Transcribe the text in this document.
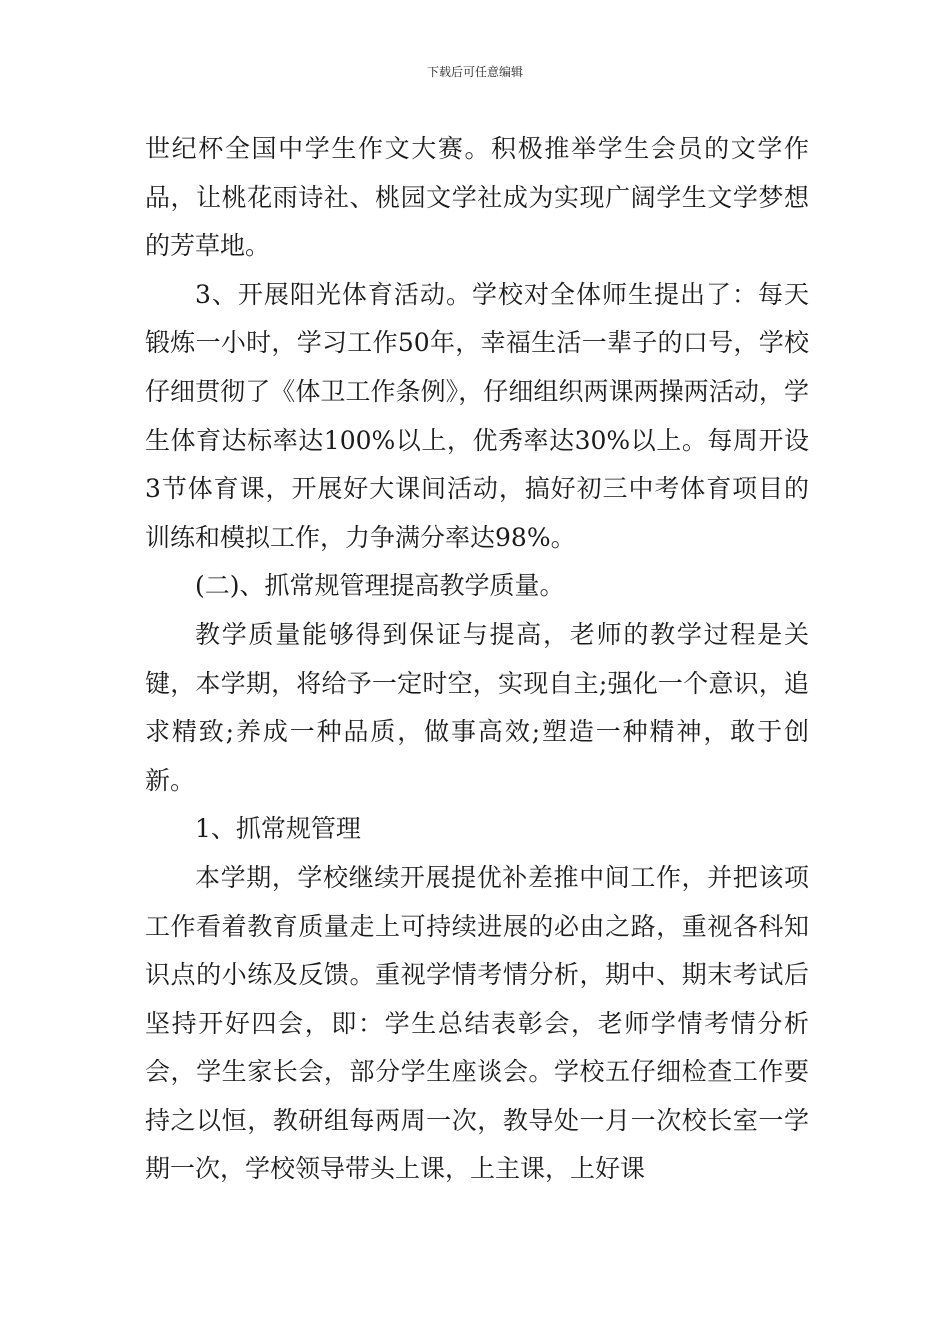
下载后可任意编辑

世纪杯全国中学生作文大赛。积极推举学生会员的文学作品，让桃花雨诗社、桃园文学社成为实现广阔学生文学梦想的芳草地。

3、开展阳光体育活动。学校对全体师生提出了：每天锻炼一小时，学习工作50年，幸福生活一辈子的口号，学校仔细贯彻了《体卫工作条例》，仔细组织两课两操两活动，学生体育达标率达100%以上，优秀率达30%以上。每周开设3节体育课，开展好大课间活动，搞好初三中考体育项目的训练和模拟工作，力争满分率达98%。

(二)、抓常规管理提高教学质量。

教学质量能够得到保证与提高，老师的教学过程是关键，本学期，将给予一定时空，实现自主;强化一个意识，追求精致;养成一种品质，做事高效;塑造一种精神，敢于创新。

1、抓常规管理

本学期，学校继续开展提优补差推中间工作，并把该项工作看着教育质量走上可持续进展的必由之路，重视各科知识点的小练及反馈。重视学情考情分析，期中、期末考试后坚持开好四会，即：学生总结表彰会，老师学情考情分析会，学生家长会，部分学生座谈会。学校五仔细检查工作要持之以恒，教研组每两周一次，教导处一月一次校长室一学期一次，学校领导带头上课，上主课，上好课
